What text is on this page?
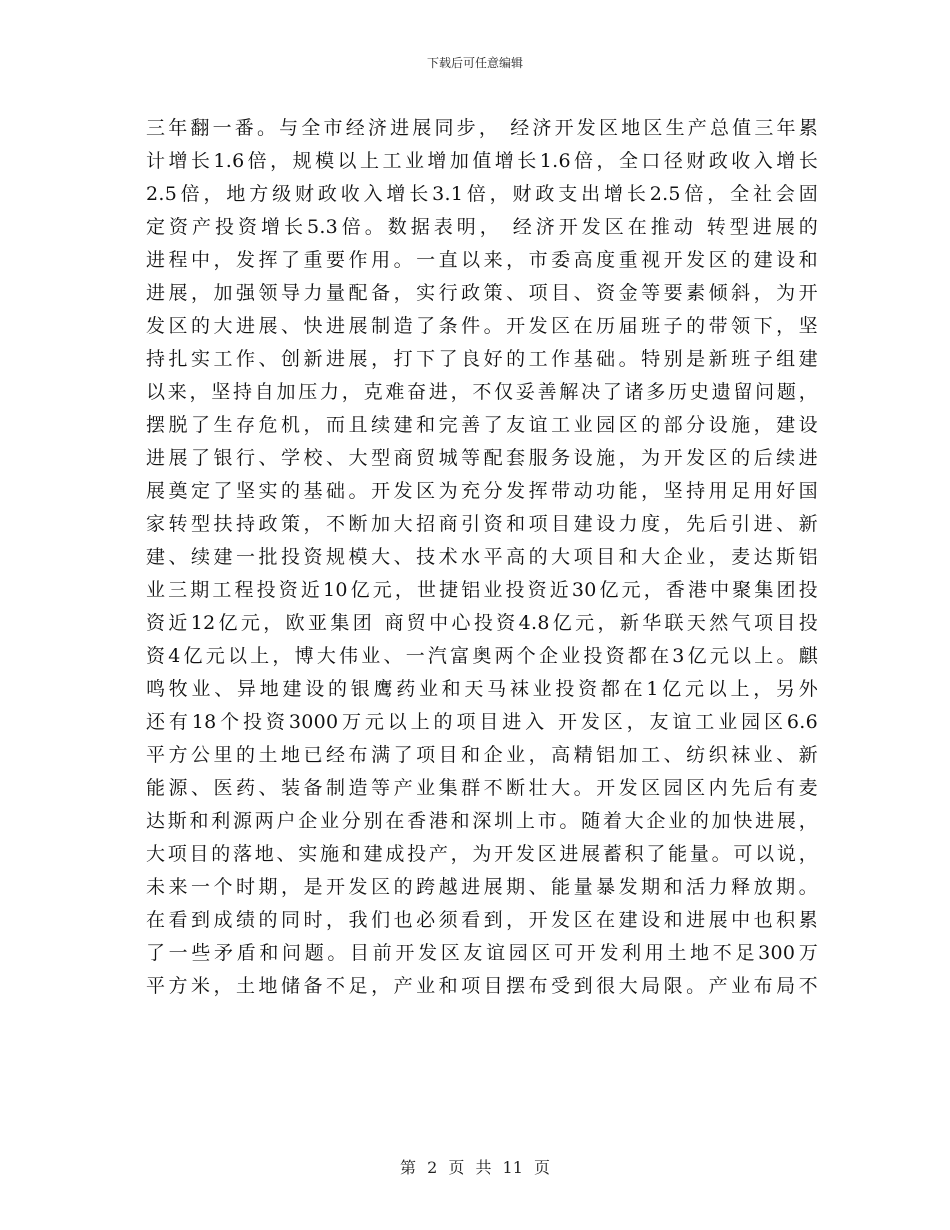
下载后可任意编辑
三年翻一番。与全市经济进展同步， 经济开发区地区生产总值三年累
计增长1.6倍，规模以上工业增加值增长1.6倍，全口径财政收入增长
2.5倍，地方级财政收入增长3.1倍，财政支出增长2.5倍，全社会固
定资产投资增长5.3倍。数据表明， 经济开发区在推动 转型进展的
进程中，发挥了重要作用。一直以来，市委高度重视开发区的建设和
进展，加强领导力量配备，实行政策、项目、资金等要素倾斜，为开
发区的大进展、快进展制造了条件。开发区在历届班子的带领下，坚
持扎实工作、创新进展，打下了良好的工作基础。特别是新班子组建
以来，坚持自加压力，克难奋进，不仅妥善解决了诸多历史遗留问题，
摆脱了生存危机，而且续建和完善了友谊工业园区的部分设施，建设
进展了银行、学校、大型商贸城等配套服务设施，为开发区的后续进
展奠定了坚实的基础。开发区为充分发挥带动功能，坚持用足用好国
家转型扶持政策，不断加大招商引资和项目建设力度，先后引进、新
建、续建一批投资规模大、技术水平高的大项目和大企业，麦达斯铝
业三期工程投资近10亿元，世捷铝业投资近30亿元，香港中聚集团投
资近12亿元，欧亚集团 商贸中心投资4.8亿元，新华联天然气项目投
资4亿元以上，博大伟业、一汽富奥两个企业投资都在3亿元以上。麒
鸣牧业、异地建设的银鹰药业和天马袜业投资都在1亿元以上，另外
还有18个投资3000万元以上的项目进入 开发区，友谊工业园区6.6
平方公里的土地已经布满了项目和企业，高精铝加工、纺织袜业、新
能源、医药、装备制造等产业集群不断壮大。开发区园区内先后有麦
达斯和利源两户企业分别在香港和深圳上市。随着大企业的加快进展，
大项目的落地、实施和建成投产，为开发区进展蓄积了能量。可以说，
未来一个时期，是开发区的跨越进展期、能量暴发期和活力释放期。
在看到成绩的同时，我们也必须看到，开发区在建设和进展中也积累
了一些矛盾和问题。目前开发区友谊园区可开发利用土地不足300万
平方米，土地储备不足，产业和项目摆布受到很大局限。产业布局不
第 2 页 共 11 页
